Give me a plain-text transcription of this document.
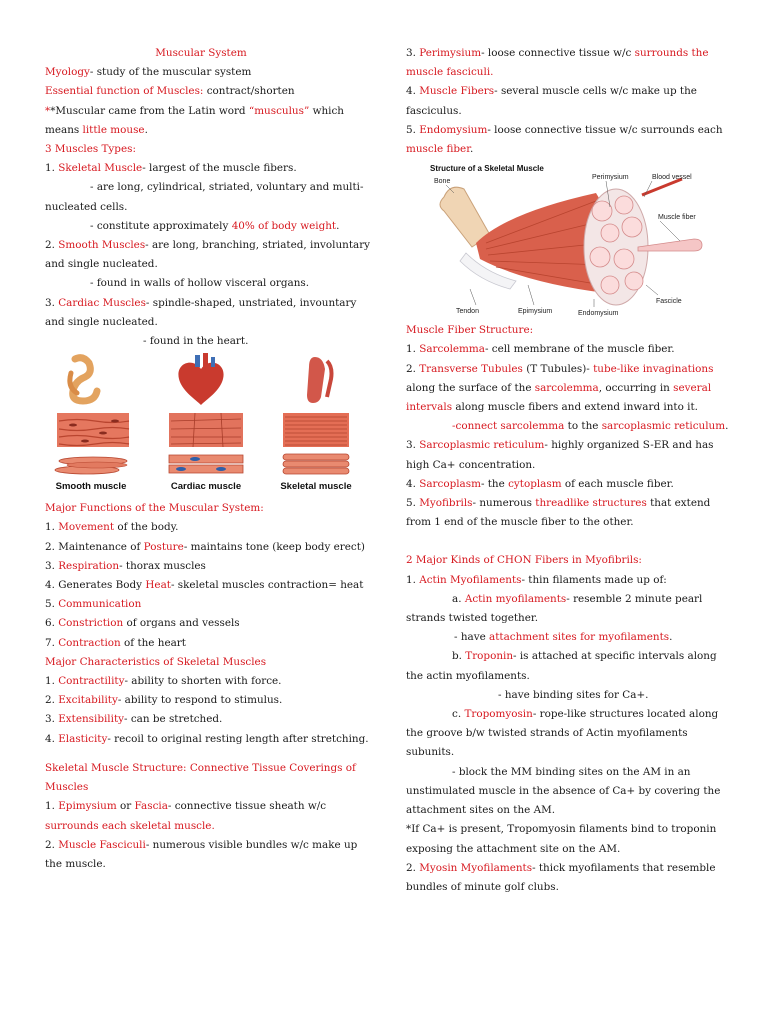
Muscular System
Myology- study of the muscular system
Essential function of Muscles: contract/shorten
**Muscular came from the Latin word “musculus” which
means little mouse.
3 Muscles Types:
1. Skeletal Muscle- largest of the muscle fibers.
- are long, cylindrical, striated, voluntary and multi-
nucleated cells.
- constitute approximately 40% of body weight.
2. Smooth Muscles- are long, branching, striated, involuntary
and single nucleated.
- found in walls of hollow visceral organs.
3. Cardiac Muscles- spindle-shaped, unstriated, invountary
and single nucleated.
- found in the heart.
Smooth muscle	Cardiac muscle	Skeletal muscle
Major Functions of the Muscular System:
1. Movement of the body.
2. Maintenance of Posture- maintains tone (keep body erect)
3. Respiration- thorax muscles
4. Generates Body Heat- skeletal muscles contraction= heat
5. Communication
6. Constriction of organs and vessels
7. Contraction of the heart
Major Characteristics of Skeletal Muscles
1. Contractility- ability to shorten with force.
2. Excitability- ability to respond to stimulus.
3. Extensibility- can be stretched.
4. Elasticity- recoil to original resting length after stretching.
Skeletal Muscle Structure: Connective Tissue Coverings of
Muscles
1. Epimysium or Fascia- connective tissue sheath w/c
surrounds each skeletal muscle.
2. Muscle Fasciculi- numerous visible bundles w/c make up
the muscle.
3. Perimysium- loose connective tissue w/c surrounds the
muscle fasciculi.
4. Muscle Fibers- several muscle cells w/c make up the
fasciculus.
5. Endomysium- loose connective tissue w/c surrounds each
muscle fiber.
Structure of a Skeletal Muscle
Bone
Perimysium	Blood vessel
Muscle fiber
Fascicle
Tendon	Epimysium	Endomysium
Muscle Fiber Structure:
1. Sarcolemma- cell membrane of the muscle fiber.
2. Transverse Tubules (T Tubules)- tube-like invaginations
along the surface of the sarcolemma, occurring in several
intervals along muscle fibers and extend inward into it.
-connect sarcolemma to the sarcoplasmic reticulum.
3. Sarcoplasmic reticulum- highly organized S-ER and has
high Ca+ concentration.
4. Sarcoplasm- the cytoplasm of each muscle fiber.
5. Myofibrils- numerous threadlike structures that extend
from 1 end of the muscle fiber to the other.
2 Major Kinds of CHON Fibers in Myofibrils:
1. Actin Myofilaments- thin filaments made up of:
a. Actin myofilaments- resemble 2 minute pearl
strands twisted together.
- have attachment sites for myofilaments.
b. Troponin- is attached at specific intervals along
the actin myofilaments.
- have binding sites for Ca+.
c. Tropomyosin- rope-like structures located along
the groove b/w twisted strands of Actin myofilaments
subunits.
- block the MM binding sites on the AM in an
unstimulated muscle in the absence of Ca+ by covering the
attachment sites on the AM.
*If Ca+ is present, Tropomyosin filaments bind to troponin
exposing the attachment site on the AM.
2. Myosin Myofilaments- thick myofilaments that resemble
bundles of minute golf clubs.
